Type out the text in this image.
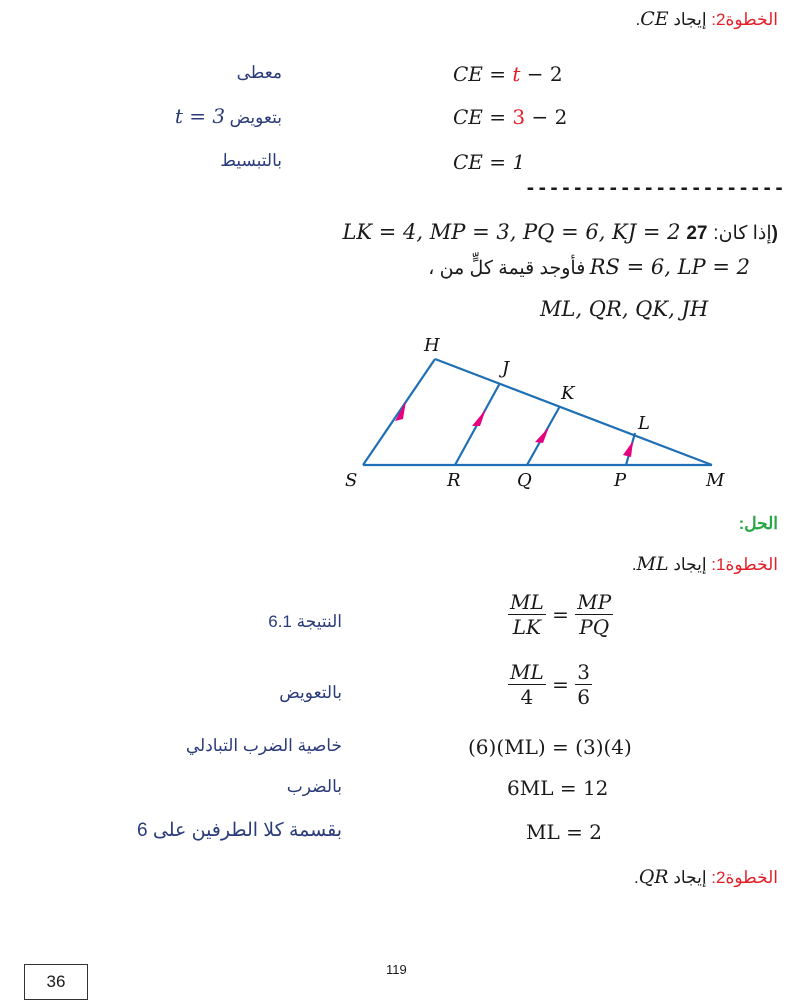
الخطوة2: إيجاد CE.
CE = t − 2
معطى
CE = 3 − 2
t = 3 بتعويض
CE = 1
بالتبسيط
----------------------
LK = 4, MP = 3, PQ = 6, KJ = 2 إذا كان: 27)
، فأوجد قيمة كلٍّ من RS = 6, LP = 2
ML, QR, QK, JH
H
J
K
L
S	R	Q	P	M
الحل:
الخطوة1: إيجاد ML.
$\frac{ML}{LK} = \frac{MP}{PQ}$
النتيجة 6.1
$\frac{ML}{4} = \frac{3}{6}$
بالتعويض
(6)(ML) = (3)(4)
خاصية الضرب التبادلي
6ML = 12
بالضرب
ML = 2
بقسمة كلا الطرفين على 6
الخطوة2: إيجاد QR.
119
36
